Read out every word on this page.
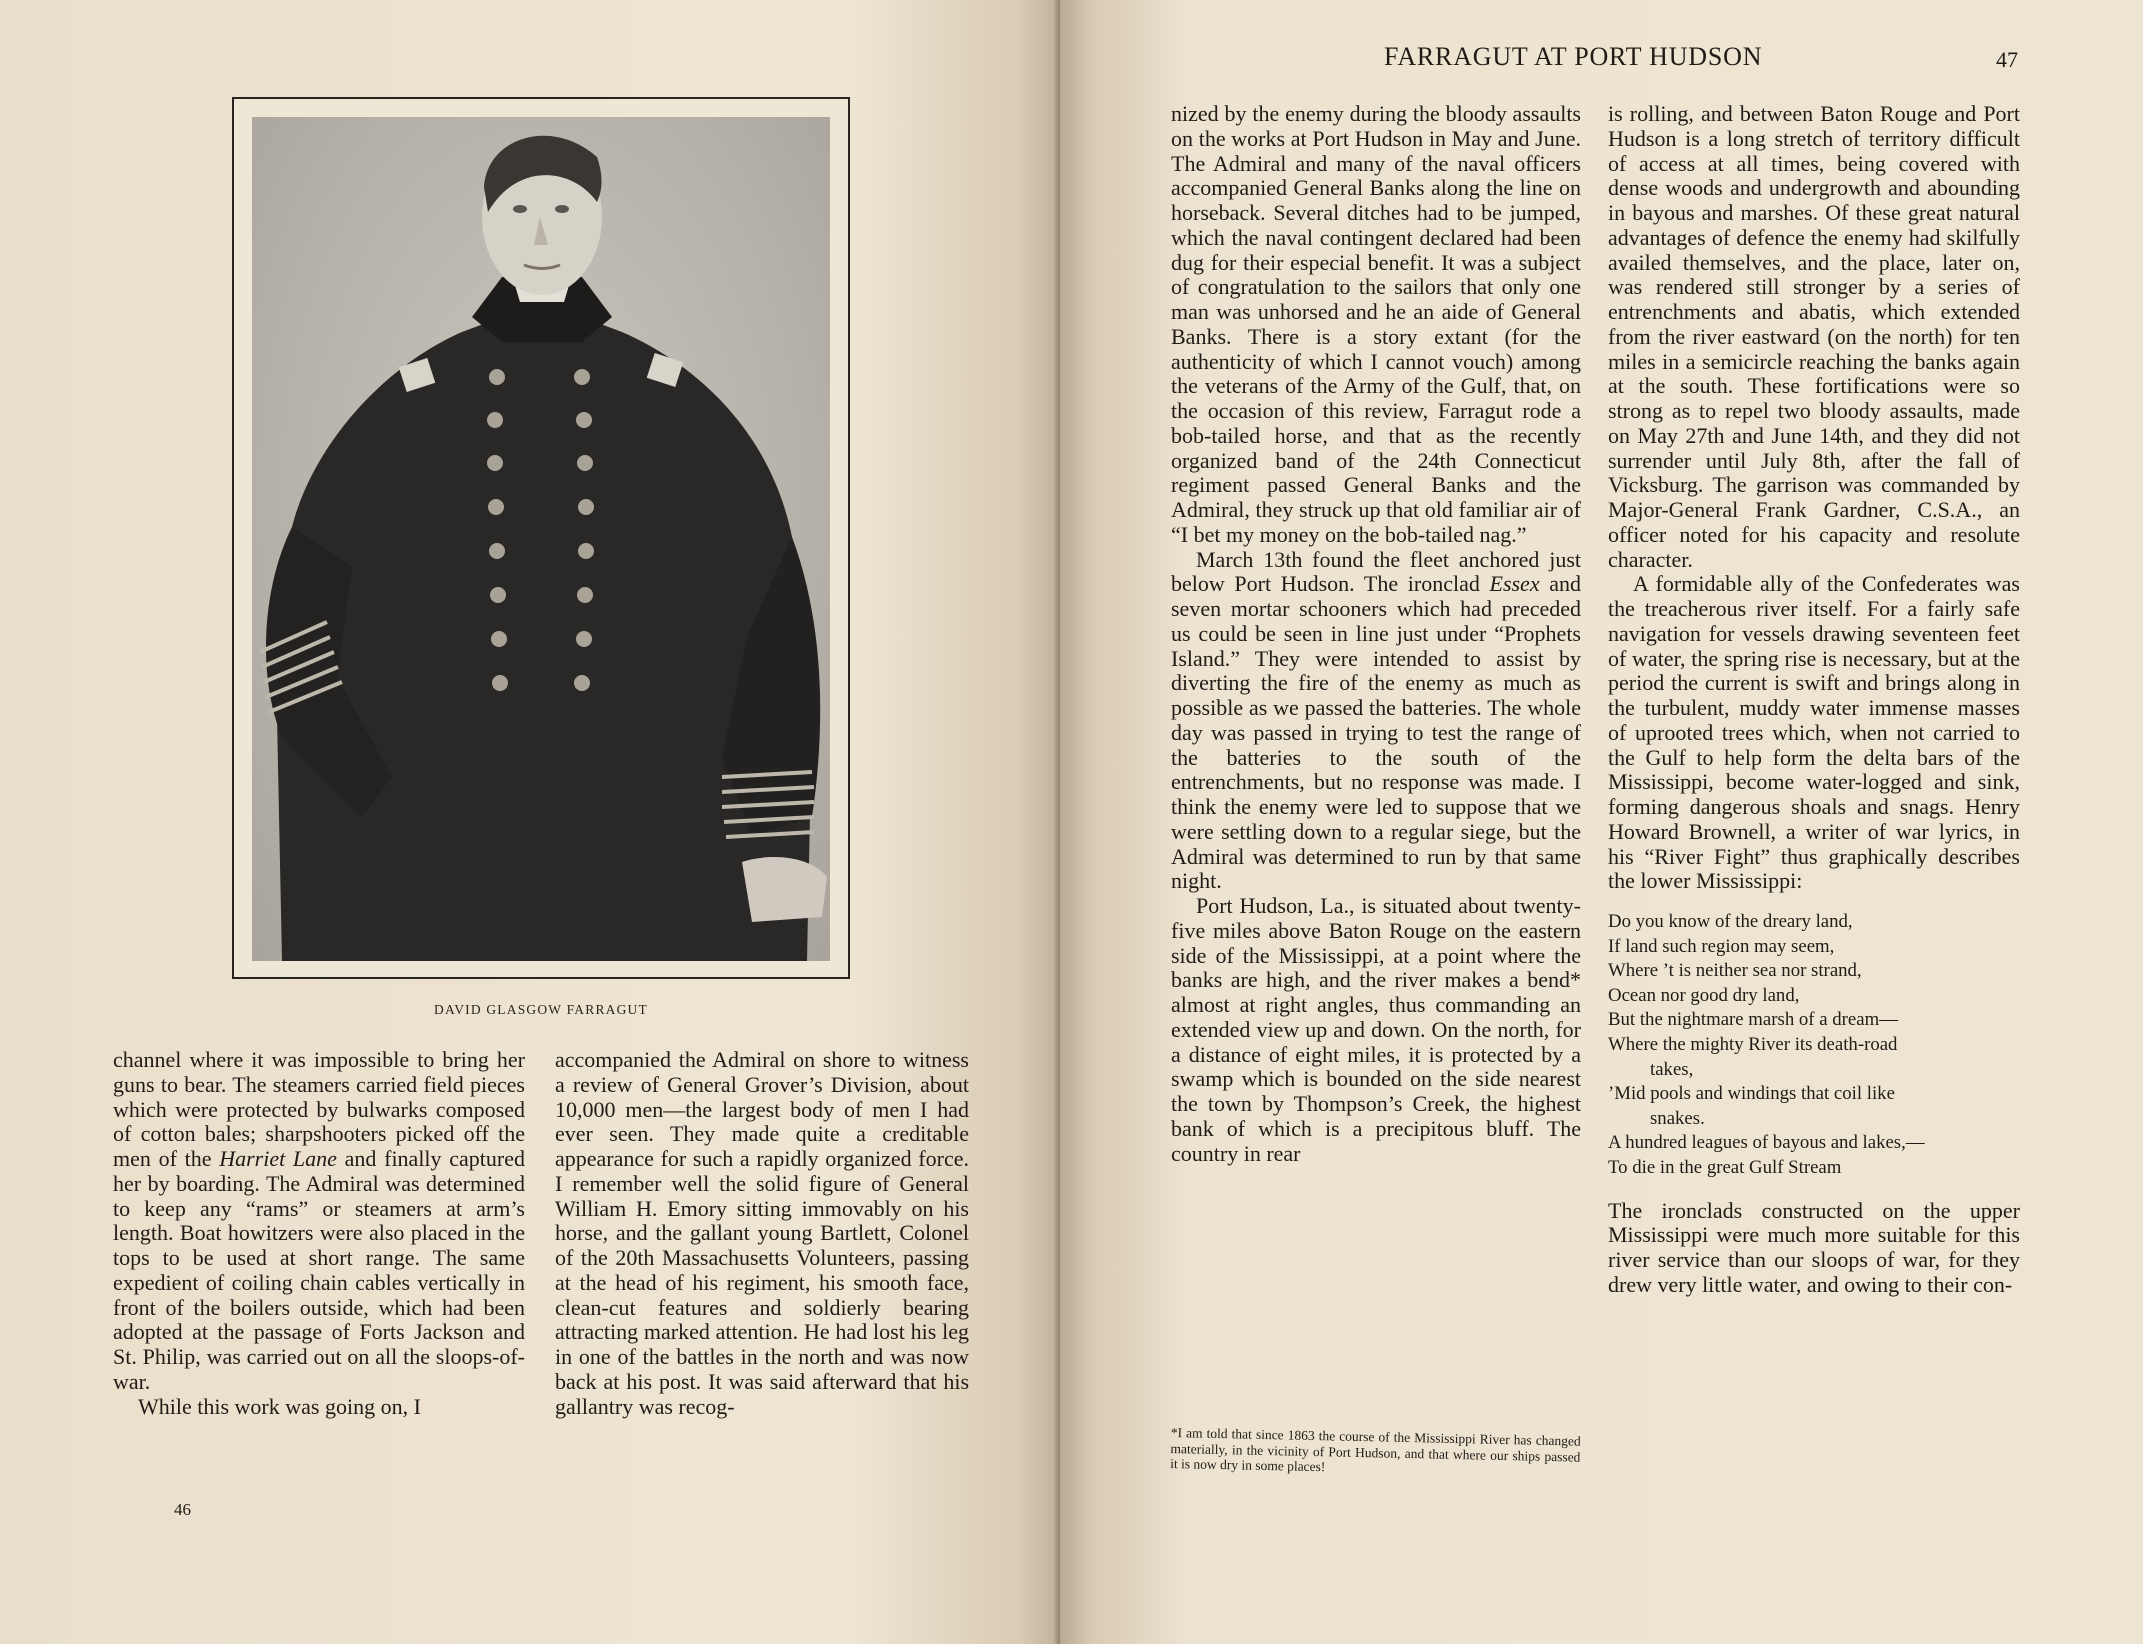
DAVID GLASGOW FARRAGUT

channel where it was impossible to bring her guns to bear. The steamers carried field pieces which were protected by bulwarks composed of cotton bales; sharpshooters picked off the men of the Harriet Lane and finally captured her by boarding. The Admiral was determined to keep any “rams” or steamers at arm’s length. Boat howitzers were also placed in the tops to be used at short range. The same expedient of coiling chain cables vertically in front of the boilers outside, which had been adopted at the passage of Forts Jackson and St. Philip, was carried out on all the sloops-of-war.

While this work was going on, I

accompanied the Admiral on shore to witness a review of General Grover’s Division, about 10,000 men—the largest body of men I had ever seen. They made quite a creditable appearance for such a rapidly organized force. I remember well the solid figure of General William H. Emory sitting immovably on his horse, and the gallant young Bartlett, Colonel of the 20th Massachusetts Volunteers, passing at the head of his regiment, his smooth face, clean-cut features and soldierly bearing attracting marked attention. He had lost his leg in one of the battles in the north and was now back at his post. It was said afterward that his gallantry was recog-

46
FARRAGUT AT PORT HUDSON	47

nized by the enemy during the bloody assaults on the works at Port Hudson in May and June. The Admiral and many of the naval officers accompanied General Banks along the line on horseback. Several ditches had to be jumped, which the naval contingent declared had been dug for their especial benefit. It was a subject of congratulation to the sailors that only one man was unhorsed and he an aide of General Banks. There is a story extant (for the authenticity of which I cannot vouch) among the veterans of the Army of the Gulf, that, on the occasion of this review, Farragut rode a bob-tailed horse, and that as the recently organized band of the 24th Connecticut regiment passed General Banks and the Admiral, they struck up that old familiar air of “I bet my money on the bob-tailed nag.”

March 13th found the fleet anchored just below Port Hudson. The ironclad Essex and seven mortar schooners which had preceded us could be seen in line just under “Prophets Island.” They were intended to assist by diverting the fire of the enemy as much as possible as we passed the batteries. The whole day was passed in trying to test the range of the batteries to the south of the entrenchments, but no response was made. I think the enemy were led to suppose that we were settling down to a regular siege, but the Admiral was determined to run by that same night.

Port Hudson, La., is situated about twenty-five miles above Baton Rouge on the eastern side of the Mississippi, at a point where the banks are high, and the river makes a bend* almost at right angles, thus commanding an extended view up and down. On the north, for a distance of eight miles, it is protected by a swamp which is bounded on the side nearest the town by Thompson’s Creek, the highest bank of which is a precipitous bluff. The country in rear

*I am told that since 1863 the course of the Mississippi River has changed materially, in the vicinity of Port Hudson, and that where our ships passed it is now dry in some places!

is rolling, and between Baton Rouge and Port Hudson is a long stretch of territory difficult of access at all times, being covered with dense woods and undergrowth and abounding in bayous and marshes. Of these great natural advantages of defence the enemy had skilfully availed themselves, and the place, later on, was rendered still stronger by a series of entrenchments and abatis, which extended from the river eastward (on the north) for ten miles in a semicircle reaching the banks again at the south. These fortifications were so strong as to repel two bloody assaults, made on May 27th and June 14th, and they did not surrender until July 8th, after the fall of Vicksburg. The garrison was commanded by Major-General Frank Gardner, C.S.A., an officer noted for his capacity and resolute character.

A formidable ally of the Confederates was the treacherous river itself. For a fairly safe navigation for vessels drawing seventeen feet of water, the spring rise is necessary, but at the period the current is swift and brings along in the turbulent, muddy water immense masses of uprooted trees which, when not carried to the Gulf to help form the delta bars of the Mississippi, become water-logged and sink, forming dangerous shoals and snags. Henry Howard Brownell, a writer of war lyrics, in his “River Fight” thus graphically describes the lower Mississippi:

Do you know of the dreary land,
If land such region may seem,
Where ’t is neither sea nor strand,
Ocean nor good dry land,
But the nightmare marsh of a dream—
Where the mighty River its death-road
takes,
’Mid pools and windings that coil like
snakes.
A hundred leagues of bayous and lakes,—
To die in the great Gulf Stream

The ironclads constructed on the upper Mississippi were much more suitable for this river service than our sloops of war, for they drew very little water, and owing to their con-
